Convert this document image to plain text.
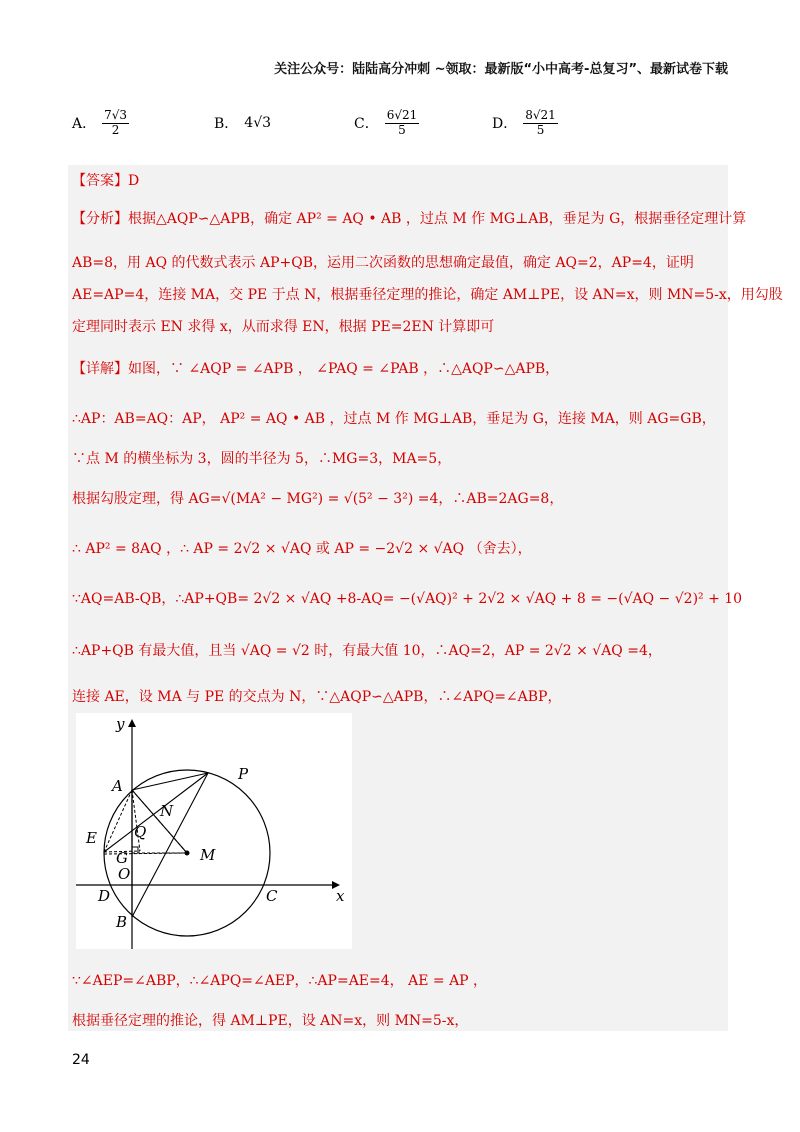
关注公众号：陆陆高分冲刺 ~领取：最新版“小中高考-总复习”、最新试卷下载
A． $\frac{7√3}{2}$	B． 4√3	C． $\frac{6√21}{5}$	D． $\frac{8√21}{5}$
【答案】D
【分析】根据△AQP∽△APB，确定 AP² = AQ • AB ，过点 M 作 MG⊥AB，垂足为 G，根据垂径定理计算
AB=8，用 AQ 的代数式表示 AP+QB，运用二次函数的思想确定最值，确定 AQ=2，AP=4，证明
AE=AP=4，连接 MA，交 PE 于点 N，根据垂径定理的推论，确定 AM⊥PE，设 AN=x，则 MN=5-x，用勾股
定理同时表示 EN 求得 x，从而求得 EN，根据 PE=2EN 计算即可
【详解】如图，∵ ∠AQP = ∠APB ， ∠PAQ = ∠PAB ，∴△AQP∽△APB，
∴AP：AB=AQ：AP， AP² = AQ • AB ，过点 M 作 MG⊥AB，垂足为 G，连接 MA，则 AG=GB，
∵点 M 的横坐标为 3，圆的半径为 5，∴MG=3，MA=5，
根据勾股定理，得 AG=√(MA² − MG²) = √(5² − 3²) =4，∴AB=2AG=8，
∴ AP² = 8AQ ，∴ AP = 2√2 × √AQ 或 AP = −2√2 × √AQ （舍去），
∵AQ=AB-QB，∴AP+QB= 2√2 × √AQ +8-AQ= −(√AQ)² + 2√2 × √AQ + 8 = −(√AQ − √2)² + 10
∴AP+QB 有最大值，且当 √AQ = √2 时，有最大值 10，∴AQ=2，AP = 2√2 × √AQ =4，
连接 AE，设 MA 与 PE 的交点为 N，∵△AQP∽△APB，∴∠APQ=∠ABP，
y
x
A
P
N
E Q
M
G
O
D	C
B
∵∠AEP=∠ABP，∴∠APQ=∠AEP，∴AP=AE=4， AE = AP ，
根据垂径定理的推论，得 AM⊥PE，设 AN=x，则 MN=5-x，
24
